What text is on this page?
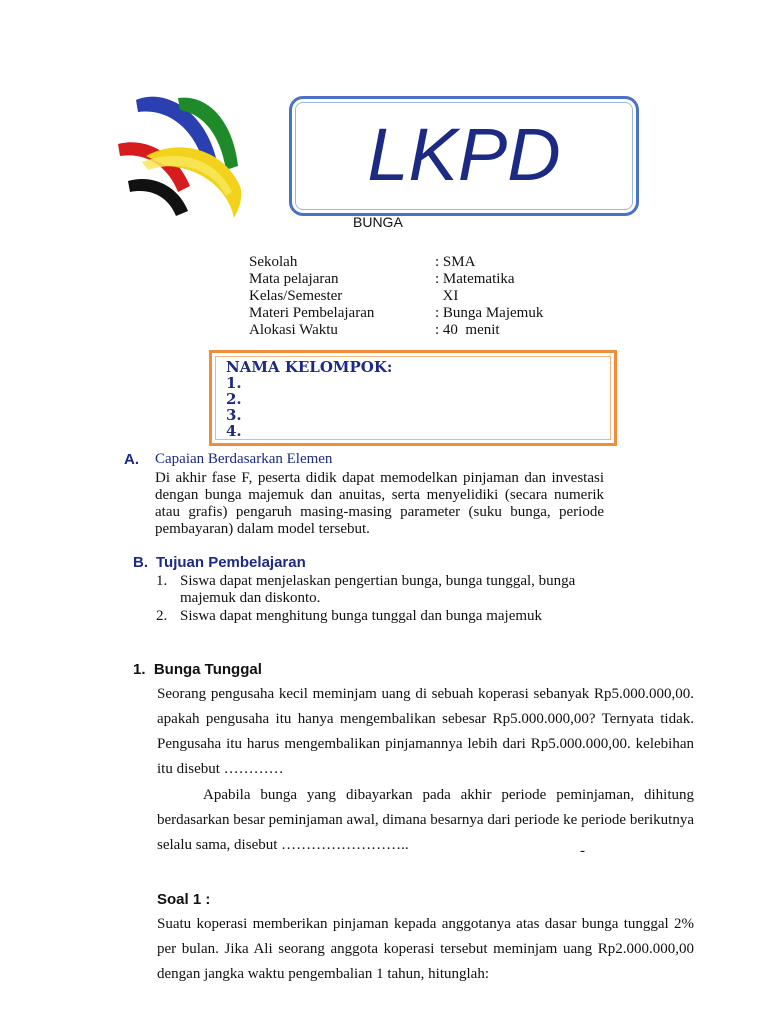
LKPD
BUNGA
Sekolah	: SMA
Mata pelajaran	: Matematika
Kelas/Semester	XI
Materi Pembelajaran	: Bunga Majemuk
Alokasi Waktu	: 40  menit
NAMA KELOMPOK:
1.
2.
3.
4.
A. Capaian Berdasarkan Elemen
Di akhir fase F, peserta didik dapat memodelkan pinjaman dan investasi dengan bunga majemuk dan anuitas, serta menyelidiki (secara numerik atau grafis) pengaruh masing-masing parameter (suku bunga, periode pembayaran) dalam model tersebut.
B. Tujuan Pembelajaran
1. Siswa dapat menjelaskan pengertian bunga, bunga tunggal, bunga
majemuk dan diskonto.
2. Siswa dapat menghitung bunga tunggal dan bunga majemuk
1.  Bunga Tunggal
Seorang pengusaha kecil meminjam uang di sebuah koperasi sebanyak Rp5.000.000,00. apakah pengusaha itu hanya mengembalikan sebesar Rp5.000.000,00? Ternyata tidak. Pengusaha itu harus mengembalikan pinjamannya lebih dari Rp5.000.000,00. kelebihan itu disebut …………
Apabila bunga yang dibayarkan pada akhir periode peminjaman, dihitung berdasarkan besar peminjaman awal, dimana besarnya dari periode ke periode berikutnya selalu sama, disebut ……………………..	-
Soal 1 :
Suatu koperasi memberikan pinjaman kepada anggotanya atas dasar bunga tunggal 2% per bulan. Jika Ali seorang anggota koperasi tersebut meminjam uang Rp2.000.000,00 dengan jangka waktu pengembalian 1 tahun, hitunglah:
